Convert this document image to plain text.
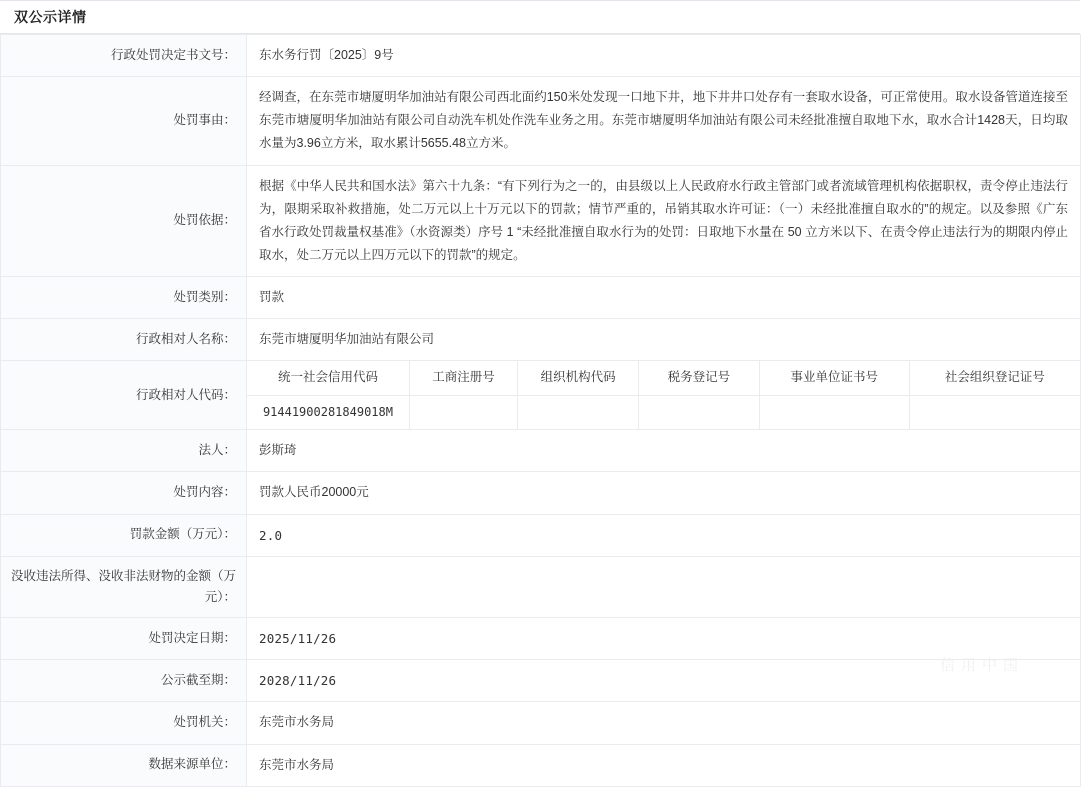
双公示详情
行政处罚决定书文号：	东水务行罚〔2025〕9号
处罚事由：	经调查，在东莞市塘厦明华加油站有限公司西北面约150米处发现一口地下井，地下井井口处存有一套取水设备，可正常使用。取水设备管道连接至东莞市塘厦明华加油站有限公司自动洗车机处作洗车业务之用。东莞市塘厦明华加油站有限公司未经批准擅自取地下水，取水合计1428天，日均取水量为3.96立方米，取水累计5655.48立方米。
处罚依据：	根据《中华人民共和国水法》第六十九条：“有下列行为之一的，由县级以上人民政府水行政主管部门或者流域管理机构依据职权，责令停止违法行为，限期采取补救措施，处二万元以上十万元以下的罚款；情节严重的，吊销其取水许可证：（一）未经批准擅自取水的”的规定。以及参照《广东省水行政处罚裁量权基准》（水资源类）序号 1 “未经批准擅自取水行为的处罚：日取地下水量在 50 立方米以下、在责令停止违法行为的期限内停止取水，处二万元以上四万元以下的罚款”的规定。
处罚类别：	罚款
行政相对人名称：	东莞市塘厦明华加油站有限公司
行政相对人代码：	
统一社会信用代码	工商注册号	组织机构代码	税务登记号	事业单位证书号	社会组织登记证号
91441900281849018M					

法人：	彭斯琦
处罚内容：	罚款人民币20000元
罚款金额（万元）：	2.0
没收违法所得、没收非法财物的金额（万元）：	
处罚决定日期：	2025/11/26
公示截至期：	2028/11/26
处罚机关：	东莞市水务局
数据来源单位：	东莞市水务局
信用中国
